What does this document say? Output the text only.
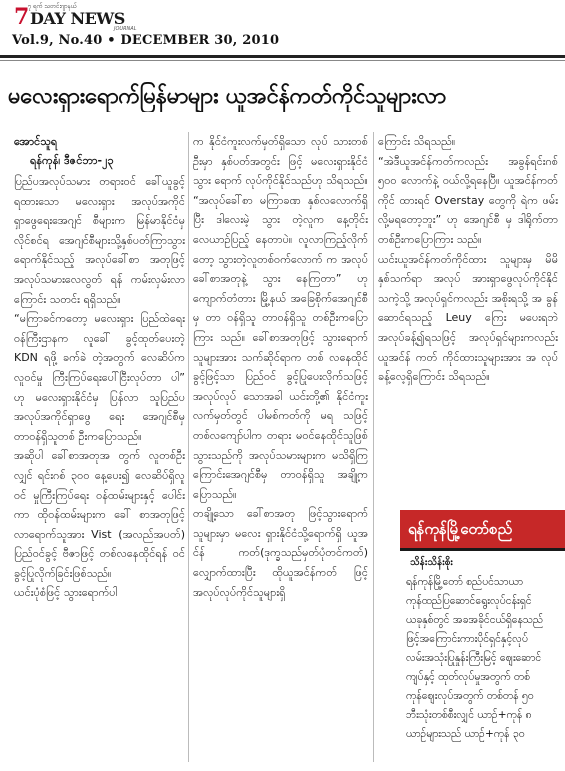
၇ ရက် သတင်းဂျာနယ်
7 DAY NEWS
JOURNAL
Vol.9, No.40 • DECEMBER 30, 2010
မလေးရှားရောက်မြန်မာများ ယူအင်န်ကတ်ကိုင်သူများလာ

အောင်သူရ

ရန်ကုန်၊ ဒီဇင်ဘာ-၂၃

ပြည်ပအလုပ်သမား တရားဝင် ခေါ်ယူခွင့်ရထားသော မလေးရှား အလုပ်အကိုင် ရှာဖွေရေးအေဂျင် စီများက မြန်မာနိုင်ငံမှ လိုင်စင်ရ အေဂျင်စီများသို့နှစ်ပတ်ကြာသွား ရောက်နိုင်သည့် အလုပ်ခေါ်စာ အတုဖြင့် အလုပ်သမားလေလွတ် ရန် ကမ်းလှမ်းလာကြောင်း သတင်း ရရှိသည်။

“မကြာခင်ကတော့ မလေးရှား ပြည်ထဲရေးဝန်ကြီးဌာနက လူခေါ် ခွင့်ထုတ်ပေးတဲ့ KDN ရဖို့ ခက်ခဲ တဲ့အတွက် လေဆိပ်က လူဝင်မှု ကြီးကြပ်ရေးပေါ်ငြီးလုပ်တာ ပါ” ဟု မလေးရှားနိုင်ငံမှ ပြန်လာ သူပြည်ပ အလုပ်အကိုင်ရှာဖွေ ရေး အေဂျင်စီမှ တာဝန်ရှိသူတစ် ဦးကပြောသည်။

အဆိုပါ ခေါ်စာအတုအ တွက် လူတစ်ဦးလျှင် ရင်းဂစ် ၃၀၀ နေ့ပေး၍ လေဆိပ်ရှိလူဝင် မှုကြီးကြပ်ရေး ဝန်ထမ်းများနှင့် ပေါင်းကာ ထိုဝန်ထမ်းများက ခေါ် စာအတုဖြင့် လာရောက်သူအား Vist (အလည်အပတ်) ပြည်ဝင်ခွင့် ဗီဇာဖြင့် တစ်လနေထိုင်ရန် ဝင် ခွင့်ပြုလိုက်ခြင်းဖြစ်သည်။

ယင်းပုံစံဖြင့် သွားရောက်ပါ

က နိုင်ငံကူးလက်မှတ်ရှိသော လုပ် သားတစ်ဦးမှာ နှစ်ပတ်အတွင်း ဖြင့် မလေးရှားနိုင်ငံသွား ရောက် လုပ်ကိုင်နိုင်သည်ဟု သိရသည်။

“အလုပ်ခေါ်စာ မကြာခဏ နှစ်လလောက်ရှိပြီး ဒါလေးမဲ့ သွား တဲ့လူက နေ့တိုင်းလေယာဉ်ပြည့် နေတာပဲ။ လူလာကြည့်လိုက် တော့ သွားတဲ့လူတစ်ဝက်လောက် က အလုပ်ခေါ်စာအတုနဲ့ သွား နေကြတာ” ဟု ကျောက်တံတား မြို့နယ် အခြေစိုက်အေဂျင်စီမှ တာ ဝန်ရှိသူ တာဝန်ရှိသူ တစ်ဦးကပြောကြား သည်။ ခေါ်စာအတုဖြင့် သွားရောက် သူများအား သက်ဆိုင်ရာက တစ် လနေထိုင်ခွင့်ဖြင့်သာ ပြည်ဝင် ခွင့်ပြုပေးလိုက်သဖြင့် အလုပ်လုပ် သောအခါ ယင်းတို့၏ နိုင်ငံကူး လက်မှတ်တွင် ပါမစ်ကတ်ကို မရ သဖြင့် တစ်လကျော်ပါက တရား မဝင်နေထိုင်သူဖြစ်သွားသည်ကို အလုပ်သမားများက မသိရှိကြ ကြောင်းအေဂျင်စီမှ တာဝန်ရှိသူ အချို့က ပြောသည်။

တချို့သော ခေါ်စာအတု ဖြင့်သွားရောက်သူများမှာ မလေး ရှားနိုင်ငံသို့ရောက်ရှိ ယူအင်န် ကတ်(ဒုက္ခသည်မှတ်ပုံတင်ကတ်) လျှောက်ထားပြီး ထိုယူအင်န်ကတ် ဖြင့် အလုပ်လုပ်ကိုင်သူများရှိ

ကြောင်း သိရသည်။

“အဲဒီယူအင်န်ကတ်ကလည်း အခွန်ရင်းဂစ် ၅၀၀ လောက်နဲ့ ဝယ်လို့ရနေပြီ။ ယူအင်န်ကတ်ကိုင် ထားရင် Overstay တွေကို ရဲက ဖမ်းလို့မရတော့ဘူး” ဟု အေဂျင်စီ မှ ဒါရိုက်တာတစ်ဦးကပြောကြား သည်။

ယင်းယူအင်န်ကတ်ကိုင်ထား သူများမှ မိမိနှစ်သက်ရာ အလုပ် အားရှာဖွေလုပ်ကိုင်နိုင်သကဲ့သို့ အလုပ်ရှင်ကလည်း အစိုးရသို့ အ ခွန်ဆောင်ရသည့် Leuy ကြေး မပေးရဘဲ အလုပ်ခန့်၍ရသဖြင့် အလုပ်ရှင်များကလည်း ယူအင်န် ကတ် ကိုင်ထားသူများအား အ လုပ်ခန့်လေ့ရှိကြောင်း သိရသည်။

ရန်ကုန်မြို့တော်စည်
သိန်းသိန်းစိုး
ရန်ကုန်မြို့တော် စည်ပင်သာယာ
ကုန်ထည်ပြဆောင်ရွေးလုပ်ငန်းရှင်
ယခုနှစ်တွင် အခအခိုင်ငယ်ရှိနေသည်
ဖြင့်အကြောင်းကားပိုင်ရှင်နှင့်လုပ်
လမ်းအသုံးပြုနှုန်းကြီးမြင့် ဈေးဆောင်
ကျပ်နှင့် ထုတ်လုပ်မှုအတွက် တစ်
ကုန်ဈေးလုပ်အတွက် တစ်တန် ၅၀
ဘီးသုံးတစ်စီးလျှင် ယာဉ်+ကုန် ၈
ယာဉ်များသည် ယာဉ်+ကုန် ၃၀
